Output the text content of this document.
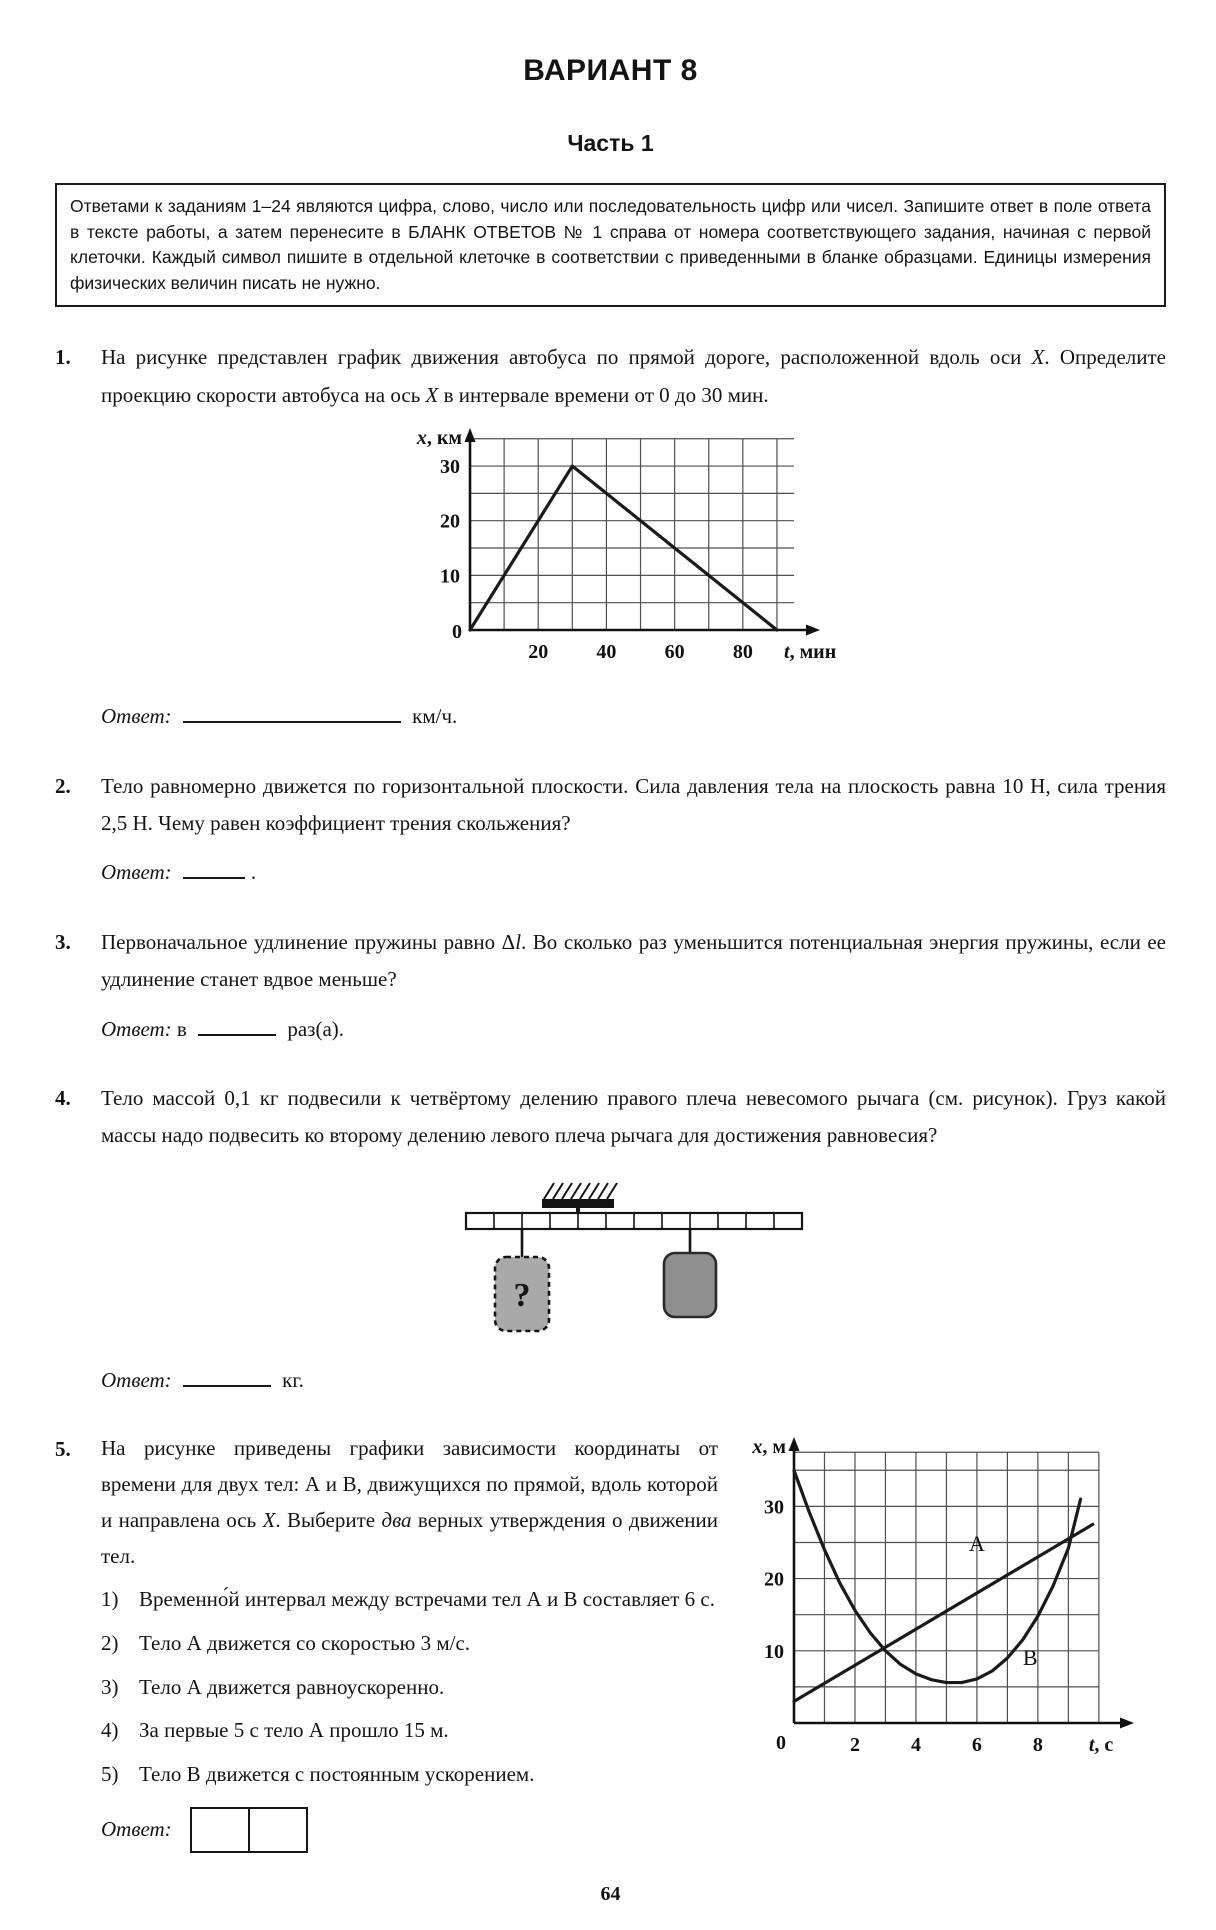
ВАРИАНТ 8
Часть 1
Ответами к заданиям 1–24 являются цифра, слово, число или последовательность цифр или чисел. Запишите ответ в поле ответа в тексте работы, а затем перенесите в БЛАНК ОТВЕТОВ № 1 справа от номера соответствующего задания, начиная с первой клеточки. Каждый символ пишите в отдельной клеточке в соответствии с приведенными в бланке образцами. Единицы измерения физических величин писать не нужно.
1.	На рисунке представлен график движения автобуса по прямой дороге, расположенной вдоль оси X. Определите проекцию скорости автобуса на ось X в интервале времени от 0 до 30 мин.

20 40 60 80
10
20
30
0
x, км
t, мин
Ответ:	км/ч.
2.	Тело равномерно движется по горизонтальной плоскости. Сила давления тела на плоскость равна 10 Н, сила трения 2,5 Н. Чему равен коэффициент трения скольжения?

Ответ:	.
3.	Первоначальное удлинение пружины равно Δl. Во сколько раз уменьшится потенциальная энергия пружины, если ее удлинение станет вдвое меньше?

Ответ: в	раз(а).
4.	Тело массой 0,1 кг подвесили к четвёртому делению правого плеча невесомого рычага (см. рисунок). Груз какой массы надо подвесить ко второму делению левого плеча рычага для достижения равновесия?

?
Ответ:	кг.
5.	На рисунке приведены графики зависимости координаты от времени для двух тел: А и В, движущихся по прямой, вдоль которой и направлена ось X. Выберите два верных утверждения о движении тел.

1) Временно́й интервал между встречами тел А и В составляет 6 с.
2) Тело А движется со скоростью 3 м/с.
3) Тело А движется равноускоренно.
4) За первые 5 с тело А прошло 15 м.
5) Тело В движется с постоянным ускорением.
Ответ:
2	4	6	8
10
20
30
0
x, м
t, c
A
B
64
